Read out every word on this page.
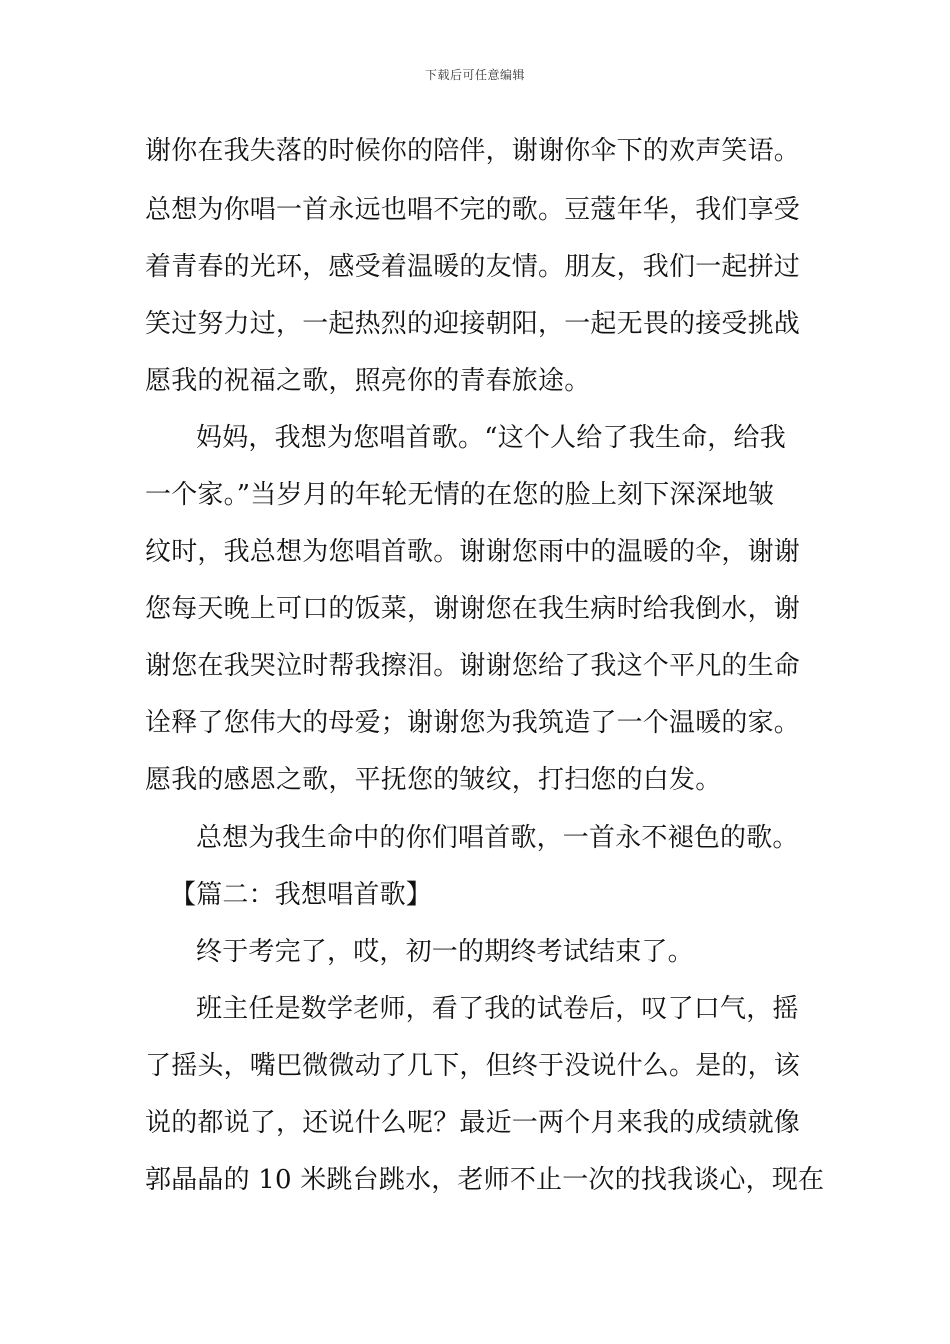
下载后可任意编辑
谢你在我失落的时候你的陪伴，谢谢你伞下的欢声笑语。
总想为你唱一首永远也唱不完的歌。豆蔻年华，我们享受
着青春的光环，感受着温暖的友情。朋友，我们一起拼过
笑过努力过，一起热烈的迎接朝阳，一起无畏的接受挑战
愿我的祝福之歌，照亮你的青春旅途。
妈妈，我想为您唱首歌。“这个人给了我生命，给我
一个家。”当岁月的年轮无情的在您的脸上刻下深深地皱
纹时，我总想为您唱首歌。谢谢您雨中的温暖的伞，谢谢
您每天晚上可口的饭菜，谢谢您在我生病时给我倒水，谢
谢您在我哭泣时帮我擦泪。谢谢您给了我这个平凡的生命
诠释了您伟大的母爱；谢谢您为我筑造了一个温暖的家。
愿我的感恩之歌，平抚您的皱纹，打扫您的白发。
总想为我生命中的你们唱首歌，一首永不褪色的歌。
【篇二：我想唱首歌】
终于考完了，哎，初一的期终考试结束了。
班主任是数学老师，看了我的试卷后，叹了口气，摇
了摇头，嘴巴微微动了几下，但终于没说什么。是的，该
说的都说了，还说什么呢？最近一两个月来我的成绩就像
郭晶晶的 10 米跳台跳水，老师不止一次的找我谈心，现在
